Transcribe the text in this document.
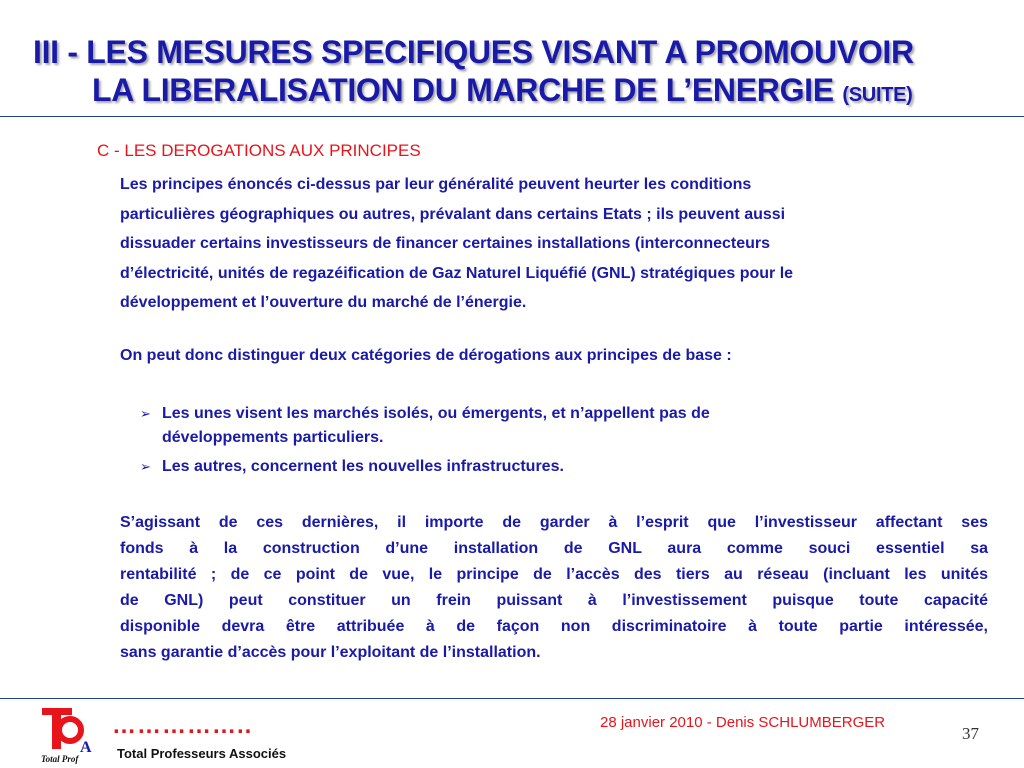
III - LES MESURES SPECIFIQUES VISANT A PROMOUVOIR
LA LIBERALISATION DU MARCHE DE L’ENERGIE (SUITE)
C - LES DEROGATIONS AUX PRINCIPES
Les principes énoncés ci-dessus par leur généralité peuvent heurter les conditions
particulières géographiques ou autres, prévalant dans certains Etats ; ils peuvent aussi
dissuader certains investisseurs de financer certaines installations (interconnecteurs
d’électricité, unités de regazéification de Gaz Naturel Liquéfié (GNL) stratégiques pour le
développement et l’ouverture du marché de l’énergie.
On peut donc distinguer deux catégories de dérogations aux principes de base :
➢ Les unes visent les marchés isolés, ou émergents, et n’appellent pas de
développements particuliers.
➢ Les autres, concernent les nouvelles infrastructures.
S’agissant de ces dernières, il importe de garder à l’esprit que l’investisseur affectant ses
fonds à la construction d’une installation de GNL aura comme souci essentiel sa
rentabilité ; de ce point de vue, le principe de l’accès des tiers au réseau (incluant les unités
de GNL) peut constituer un frein puissant à l’investissement puisque toute capacité
disponible devra être attribuée à de façon non discriminatoire à toute partie intéressée,
sans garantie d’accès pour l’exploitant de l’installation.
A
Total Prof
……………..
Total Professeurs Associés
28 janvier 2010 - Denis SCHLUMBERGER
37
